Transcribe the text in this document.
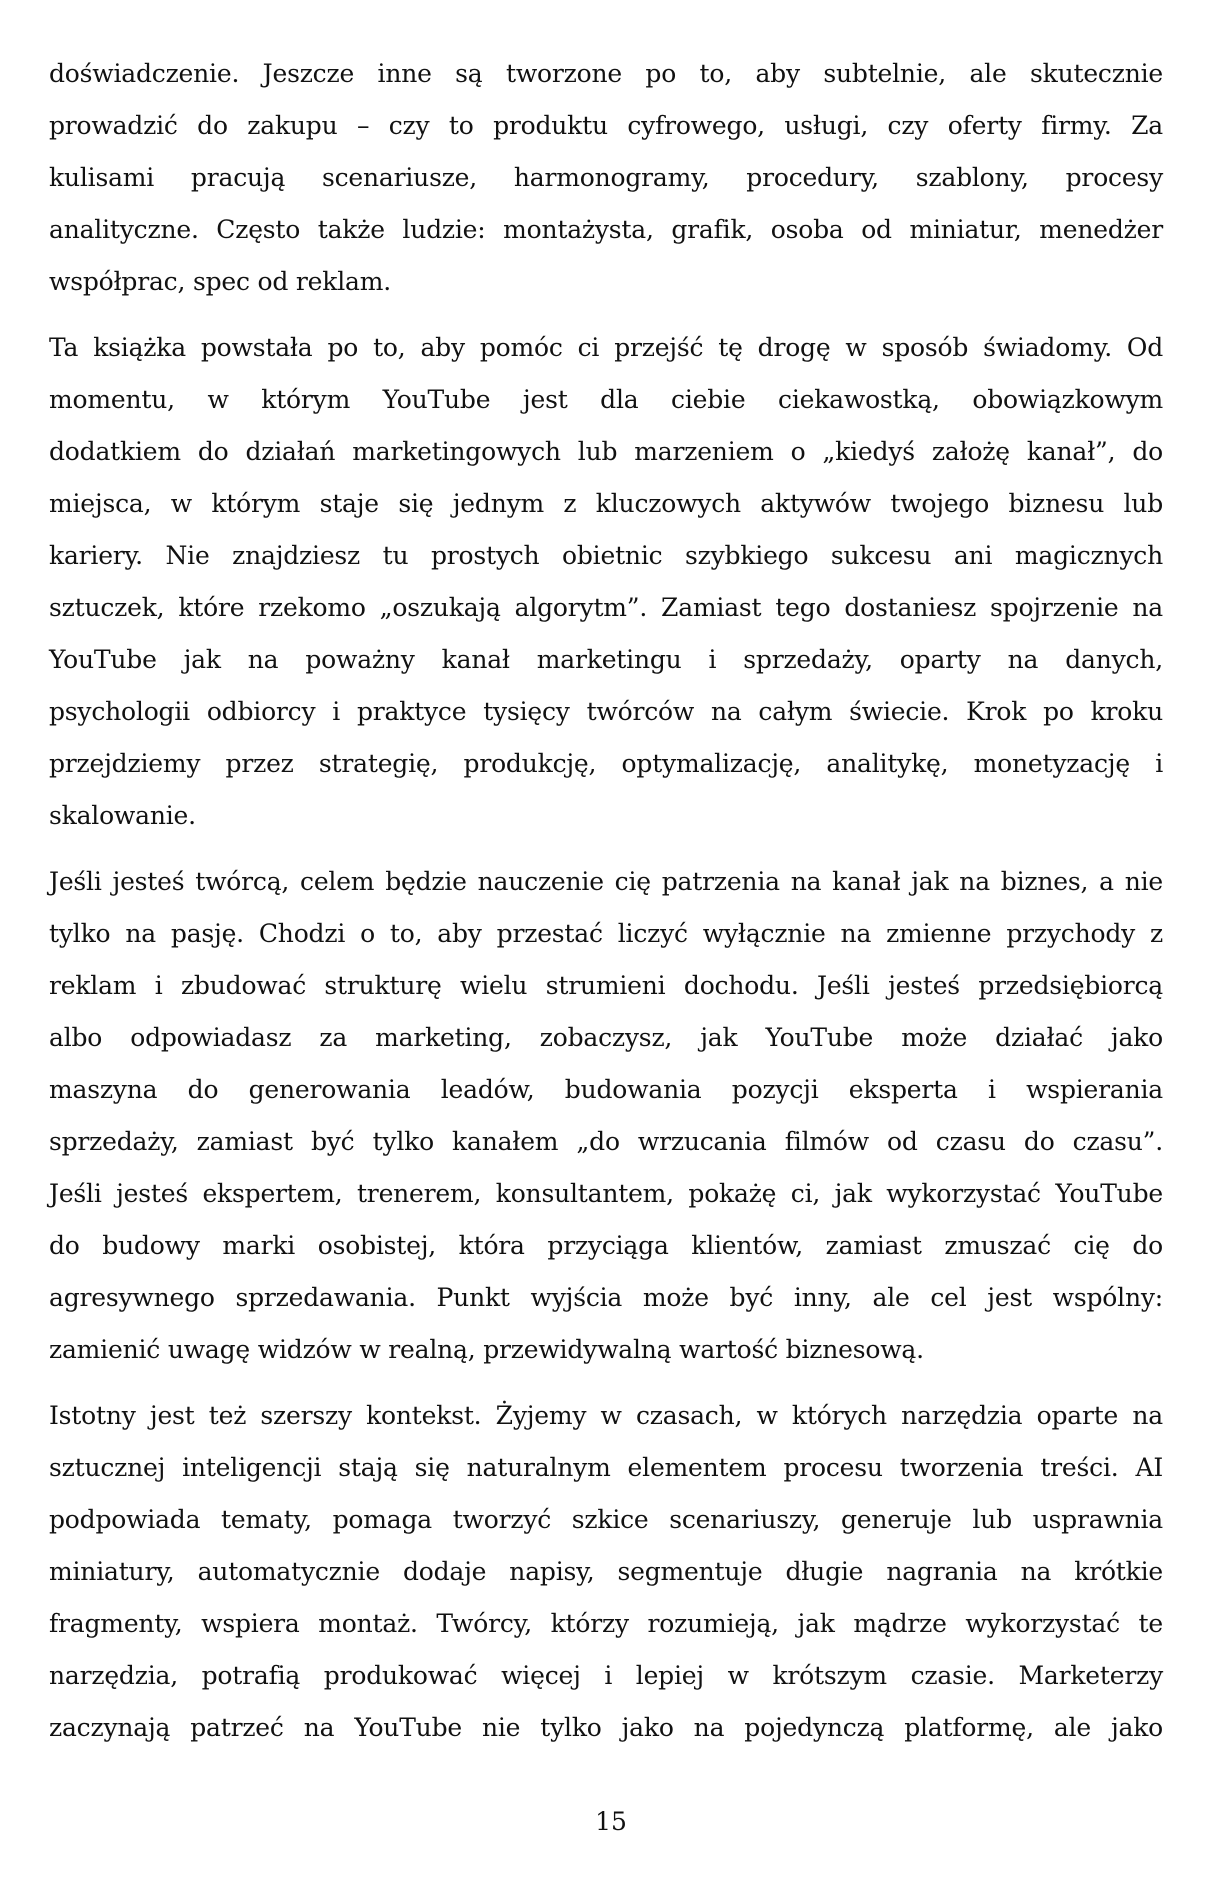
doświadczenie. Jeszcze inne są tworzone po to, aby subtelnie, ale skutecznie
prowadzić do zakupu – czy to produktu cyfrowego, usługi, czy oferty firmy. Za
kulisami pracują scenariusze, harmonogramy, procedury, szablony, procesy
analityczne. Często także ludzie: montażysta, grafik, osoba od miniatur, menedżer
współprac, spec od reklam.

Ta książka powstała po to, aby pomóc ci przejść tę drogę w sposób świadomy. Od
momentu, w którym YouTube jest dla ciebie ciekawostką, obowiązkowym
dodatkiem do działań marketingowych lub marzeniem o „kiedyś założę kanał”, do
miejsca, w którym staje się jednym z kluczowych aktywów twojego biznesu lub
kariery. Nie znajdziesz tu prostych obietnic szybkiego sukcesu ani magicznych
sztuczek, które rzekomo „oszukają algorytm”. Zamiast tego dostaniesz spojrzenie na
YouTube jak na poważny kanał marketingu i sprzedaży, oparty na danych,
psychologii odbiorcy i praktyce tysięcy twórców na całym świecie. Krok po kroku
przejdziemy przez strategię, produkcję, optymalizację, analitykę, monetyzację i
skalowanie.

Jeśli jesteś twórcą, celem będzie nauczenie cię patrzenia na kanał jak na biznes, a nie
tylko na pasję. Chodzi o to, aby przestać liczyć wyłącznie na zmienne przychody z
reklam i zbudować strukturę wielu strumieni dochodu. Jeśli jesteś przedsiębiorcą
albo odpowiadasz za marketing, zobaczysz, jak YouTube może działać jako
maszyna do generowania leadów, budowania pozycji eksperta i wspierania
sprzedaży, zamiast być tylko kanałem „do wrzucania filmów od czasu do czasu”.
Jeśli jesteś ekspertem, trenerem, konsultantem, pokażę ci, jak wykorzystać YouTube
do budowy marki osobistej, która przyciąga klientów, zamiast zmuszać cię do
agresywnego sprzedawania. Punkt wyjścia może być inny, ale cel jest wspólny:
zamienić uwagę widzów w realną, przewidywalną wartość biznesową.

Istotny jest też szerszy kontekst. Żyjemy w czasach, w których narzędzia oparte na
sztucznej inteligencji stają się naturalnym elementem procesu tworzenia treści. AI
podpowiada tematy, pomaga tworzyć szkice scenariuszy, generuje lub usprawnia
miniatury, automatycznie dodaje napisy, segmentuje długie nagrania na krótkie
fragmenty, wspiera montaż. Twórcy, którzy rozumieją, jak mądrze wykorzystać te
narzędzia, potrafią produkować więcej i lepiej w krótszym czasie. Marketerzy
zaczynają patrzeć na YouTube nie tylko jako na pojedynczą platformę, ale jako

15
